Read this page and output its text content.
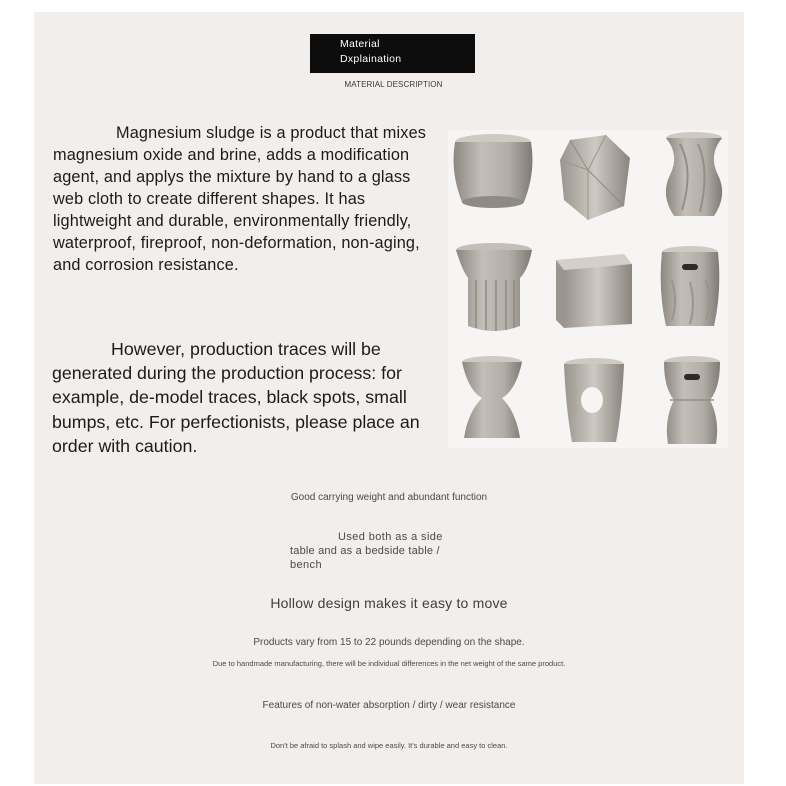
Material
Dxplaination
MATERIAL DESCRIPTION
Magnesium sludge is a product that mixes magnesium oxide and brine, adds a modification agent, and applys the mixture by hand to a glass web cloth to create different shapes. It has lightweight and durable, environmentally friendly, waterproof, fireproof, non-deformation, non-aging, and corrosion resistance.
However, production traces will be generated during the production process: for example, de-model traces, black spots, small bumps, etc. For perfectionists, please place an order with caution.
Good carrying weight and abundant function
Used both as a side
table and as a bedside table /
bench
Hollow design makes it easy to move
Products vary from 15 to 22 pounds depending on the shape.
Due to handmade manufacturing, there will be individual differences in the net weight of the same product.
Features of non-water absorption / dirty / wear resistance
Don't be afraid to splash and wipe easily. It's durable and easy to clean.
